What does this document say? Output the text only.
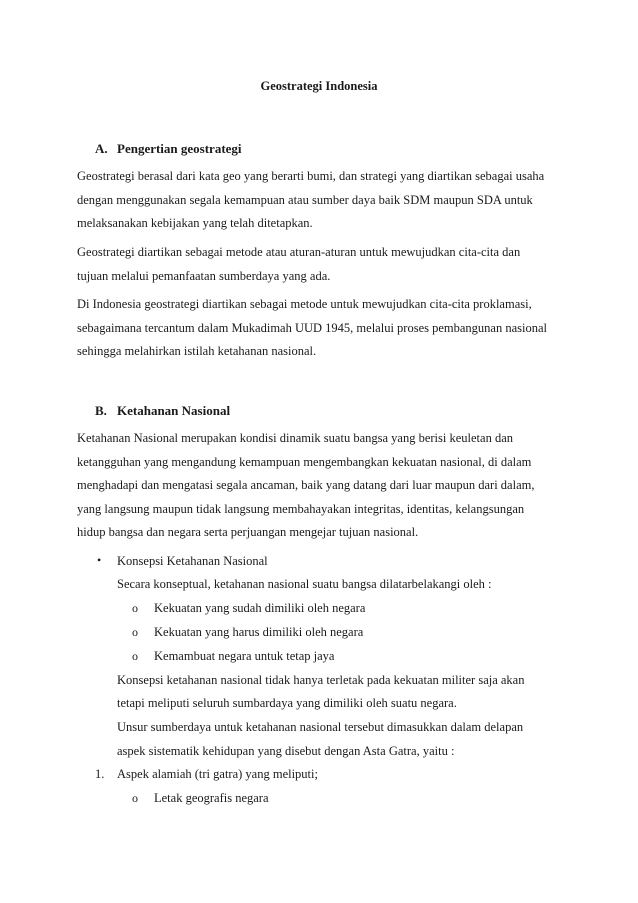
Geostrategi Indonesia
A. Pengertian geostrategi
Geostrategi berasal dari kata geo yang berarti bumi, dan strategi yang diartikan sebagai usaha
dengan menggunakan segala kemampuan atau sumber daya baik SDM maupun SDA untuk
melaksanakan kebijakan yang telah ditetapkan.
Geostrategi diartikan sebagai metode atau aturan-aturan untuk mewujudkan cita-cita dan
tujuan melalui pemanfaatan sumberdaya yang ada.
Di Indonesia geostrategi diartikan sebagai metode untuk mewujudkan cita-cita proklamasi,
sebagaimana tercantum dalam Mukadimah UUD 1945, melalui proses pembangunan nasional
sehingga melahirkan istilah ketahanan nasional.
B. Ketahanan Nasional
Ketahanan Nasional merupakan kondisi dinamik suatu bangsa yang berisi keuletan dan
ketangguhan yang mengandung kemampuan mengembangkan kekuatan nasional, di dalam
menghadapi dan mengatasi segala ancaman, baik yang datang dari luar maupun dari dalam,
yang langsung maupun tidak langsung membahayakan integritas, identitas, kelangsungan
hidup bangsa dan negara serta perjuangan mengejar tujuan nasional.
• Konsepsi Ketahanan Nasional
Secara konseptual, ketahanan nasional suatu bangsa dilatarbelakangi oleh :
o Kekuatan yang sudah dimiliki oleh negara
o Kekuatan yang harus dimiliki oleh negara
o Kemambuat negara untuk tetap jaya
Konsepsi ketahanan nasional tidak hanya terletak pada kekuatan militer saja akan
tetapi meliputi seluruh sumbardaya yang dimiliki oleh suatu negara.
Unsur sumberdaya untuk ketahanan nasional tersebut dimasukkan dalam delapan
aspek sistematik kehidupan yang disebut dengan Asta Gatra, yaitu :
1. Aspek alamiah (tri gatra) yang meliputi;
o Letak geografis negara
